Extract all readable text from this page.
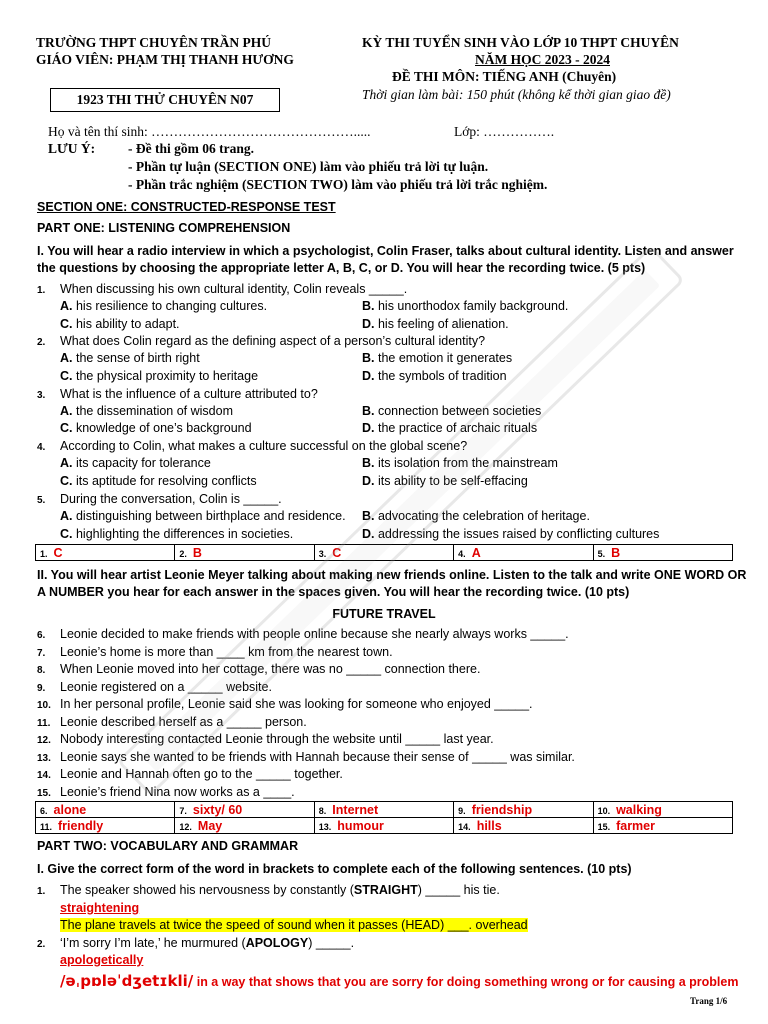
TRƯỜNG THPT CHUYÊN TRẦN PHÚ
GIÁO VIÊN: PHẠM THỊ THANH HƯƠNG
KỲ THI TUYỂN SINH VÀO LỚP 10 THPT CHUYÊN
NĂM HỌC 2023 - 2024
ĐỀ THI MÔN: TIẾNG ANH (Chuyên)
Thời gian làm bài: 150 phút (không kể thời gian giao đề)
1923 THI THỬ CHUYÊN N07
Họ và tên thí sinh: ……………………………………….....	Lớp: …………….
LƯU Ý: - Đề thi gồm 06 trang.
- Phần tự luận (SECTION ONE) làm vào phiếu trả lời tự luận.
- Phần trắc nghiệm (SECTION TWO) làm vào phiếu trả lời trắc nghiệm.
SECTION ONE: CONSTRUCTED-RESPONSE TEST
PART ONE: LISTENING COMPREHENSION
I. You will hear a radio interview in which a psychologist, Colin Fraser, talks about cultural identity. Listen and answer
the questions by choosing the appropriate letter A, B, C, or D. You will hear the recording twice. (5 pts)
1. When discussing his own cultural identity, Colin reveals _____.
A. his resilience to changing cultures.	B. his unorthodox family background.
C. his ability to adapt.	D. his feeling of alienation.
2. What does Colin regard as the defining aspect of a person’s cultural identity?
A. the sense of birth right	B. the emotion it generates
C. the physical proximity to heritage	D. the symbols of tradition
3. What is the influence of a culture attributed to?
A. the dissemination of wisdom	B. connection between societies
C. knowledge of one’s background	D. the practice of archaic rituals
4. According to Colin, what makes a culture successful on the global scene?
A. its capacity for tolerance	B. its isolation from the mainstream
C. its aptitude for resolving conflicts	D. its ability to be self-effacing
5. During the conversation, Colin is _____.
A. distinguishing between birthplace and residence. B. advocating the celebration of heritage.
C. highlighting the differences in societies.	D. addressing the issues raised by conflicting cultures
1. C	2. B	3. C	4. A	5. B
II. You will hear artist Leonie Meyer talking about making new friends online. Listen to the talk and write ONE WORD OR
A NUMBER you hear for each answer in the spaces given. You will hear the recording twice. (10 pts)
FUTURE TRAVEL
6. Leonie decided to make friends with people online because she nearly always works _____.
7. Leonie’s home is more than ____ km from the nearest town.
8. When Leonie moved into her cottage, there was no _____ connection there.
9. Leonie registered on a _____ website.
10. In her personal profile, Leonie said she was looking for someone who enjoyed _____.
11. Leonie described herself as a _____ person.
12. Nobody interesting contacted Leonie through the website until _____ last year.
13. Leonie says she wanted to be friends with Hannah because their sense of _____ was similar.
14. Leonie and Hannah often go to the _____ together.
15. Leonie’s friend Nina now works as a ____.
6. alone	7. sixty/ 60	8. Internet	9. friendship	10. walking
11. friendly	12. May	13. humour	14. hills	15. farmer
PART TWO: VOCABULARY AND GRAMMAR
I. Give the correct form of the word in brackets to complete each of the following sentences. (10 pts)
1. The speaker showed his nervousness by constantly (STRAIGHT) _____ his tie.
straightening
The plane travels at twice the speed of sound when it passes (HEAD) ___. overhead
2. ‘I’m sorry I’m late,’ he murmured (APOLOGY) _____.
apologetically
/əˌpɒləˈdʒetɪkli/ in a way that shows that you are sorry for doing something wrong or for causing a problem
Trang 1/6
